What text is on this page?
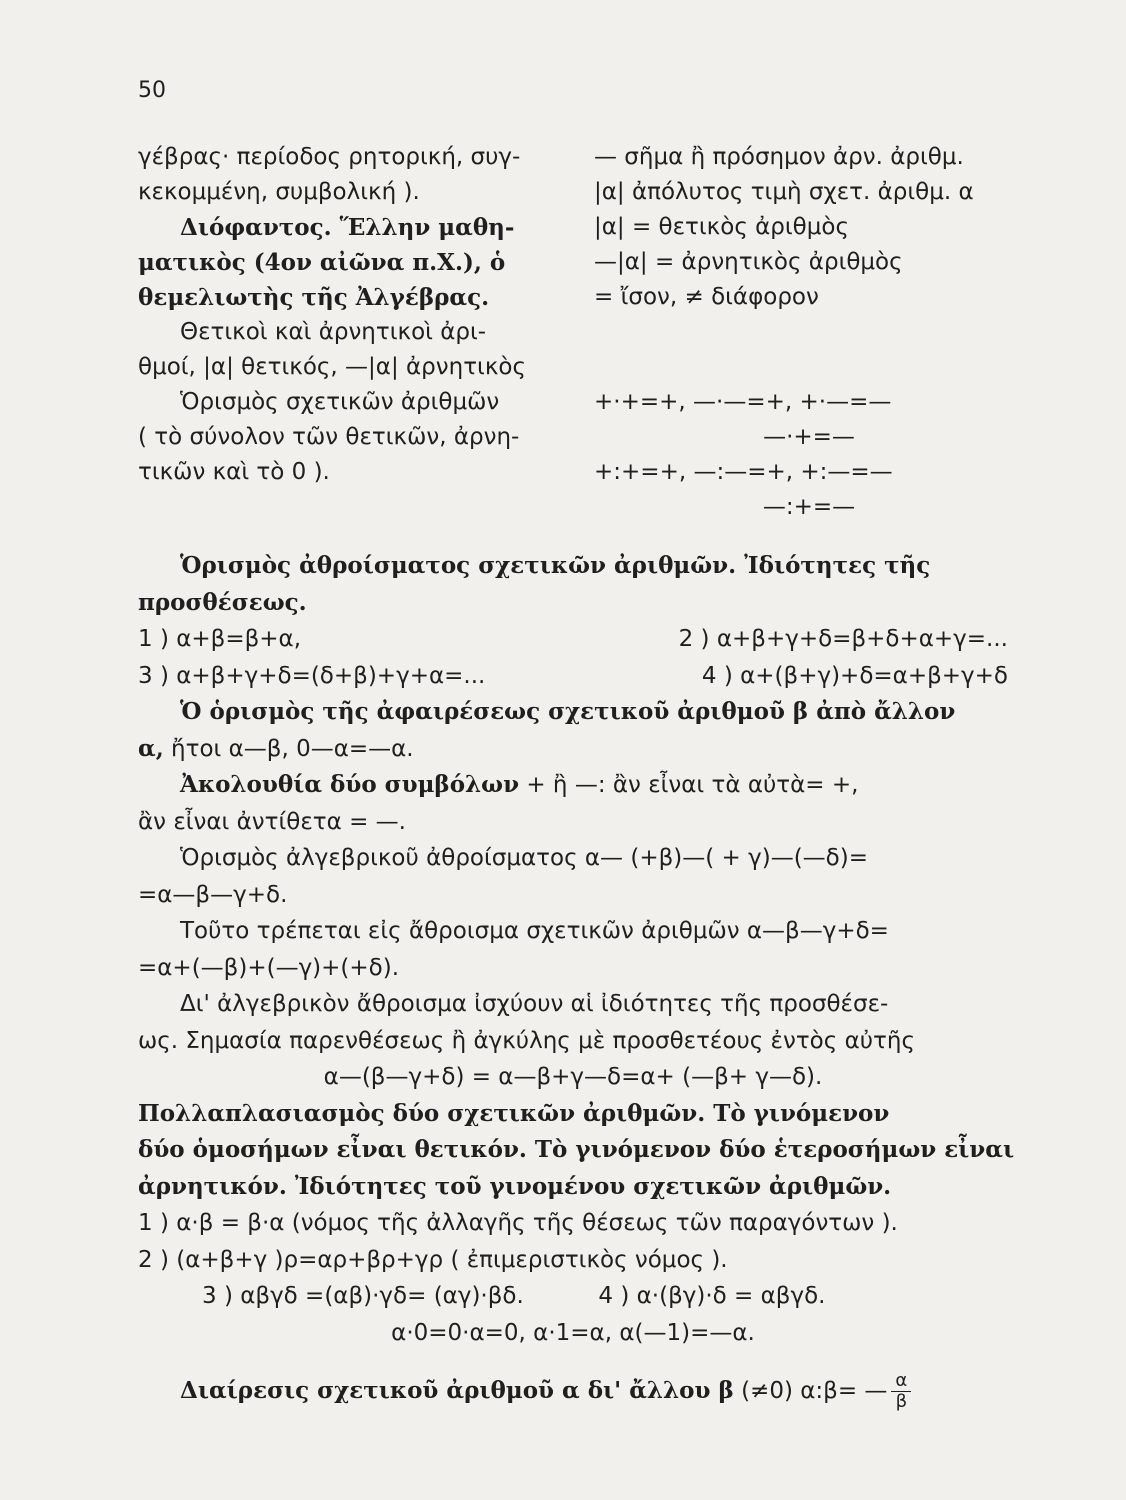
50
γέβρας· περίοδος ρητορική, συγ-
κεκομμένη, συμβολική ).
Διόφαντος. Ἕλλην μαθη-
ματικὸς (4ον αἰῶνα π.Χ.), ὁ
θεμελιωτὴς τῆς Ἀλγέβρας.
Θετικοὶ καὶ ἀρνητικοὶ ἀρι-
θμοί, |α| θετικός, —|α| ἀρνητικὸς
Ὁρισμὸς σχετικῶν ἀριθμῶν
( τὸ σύνολον τῶν θετικῶν, ἀρνη-
τικῶν καὶ τὸ 0 ).
— σῆμα ἢ πρόσημον ἀρν. ἀριθμ.
|α| ἀπόλυτος τιμὴ σχετ. ἀριθμ. α
|α| = θετικὸς ἀριθμὸς
—|α| = ἀρνητικὸς ἀριθμὸς
= ἴσον, ≠ διάφορον

+·+=+, —·—=+, +·—=—
—·+=—
+:+=+, —:—=+, +:—=—
—:+=—
Ὁρισμὸς ἀθροίσματος σχετικῶν ἀριθμῶν. Ἰδιότητες τῆς
προσθέσεως.
1 ) α+β=β+α,	2 ) α+β+γ+δ=β+δ+α+γ=...
3 ) α+β+γ+δ=(δ+β)+γ+α=...	4 ) α+(β+γ)+δ=α+β+γ+δ
Ὁ ὁρισμὸς τῆς ἀφαιρέσεως σχετικοῦ ἀριθμοῦ β ἀπὸ ἄλλον
α, ἤτοι α—β, 0—α=—α.
Ἀκολουθία δύο συμβόλων + ἢ —: ἂν εἶναι τὰ αὐτὰ= +,
ἂν εἶναι ἀντίθετα = —.
Ὁρισμὸς ἀλγεβρικοῦ ἀθροίσματος α— (+β)—( + γ)—(—δ)=
=α—β—γ+δ.
Τοῦτο τρέπεται εἰς ἄθροισμα σχετικῶν ἀριθμῶν α—β—γ+δ=
=α+(—β)+(—γ)+(+δ).
Δι' ἀλγεβρικὸν ἄθροισμα ἰσχύουν αἱ ἰδιότητες τῆς προσθέσε-
ως. Σημασία παρενθέσεως ἢ ἀγκύλης μὲ προσθετέους ἐντὸς αὐτῆς
α—(β—γ+δ) = α—β+γ—δ=α+ (—β+ γ—δ).
Πολλαπλασιασμὸς δύο σχετικῶν ἀριθμῶν. Τὸ γινόμενον
δύο ὁμοσήμων εἶναι θετικόν. Τὸ γινόμενον δύο ἑτεροσήμων εἶναι
ἀρνητικόν. Ἰδιότητες τοῦ γινομένου σχετικῶν ἀριθμῶν.
1 ) α·β = β·α (νόμος τῆς ἀλλαγῆς τῆς θέσεως τῶν παραγόντων ).
2 ) (α+β+γ )ρ=αρ+βρ+γρ ( ἐπιμεριστικὸς νόμος ).
3 ) αβγδ =(αβ)·γδ= (αγ)·βδ.	4 ) α·(βγ)·δ = αβγδ.
α·0=0·α=0, α·1=α, α(—1)=—α.
Διαίρεσις σχετικοῦ ἀριθμοῦ α δι' ἄλλου β (≠0) α:β= — $\frac{\alpha}{\beta}$
